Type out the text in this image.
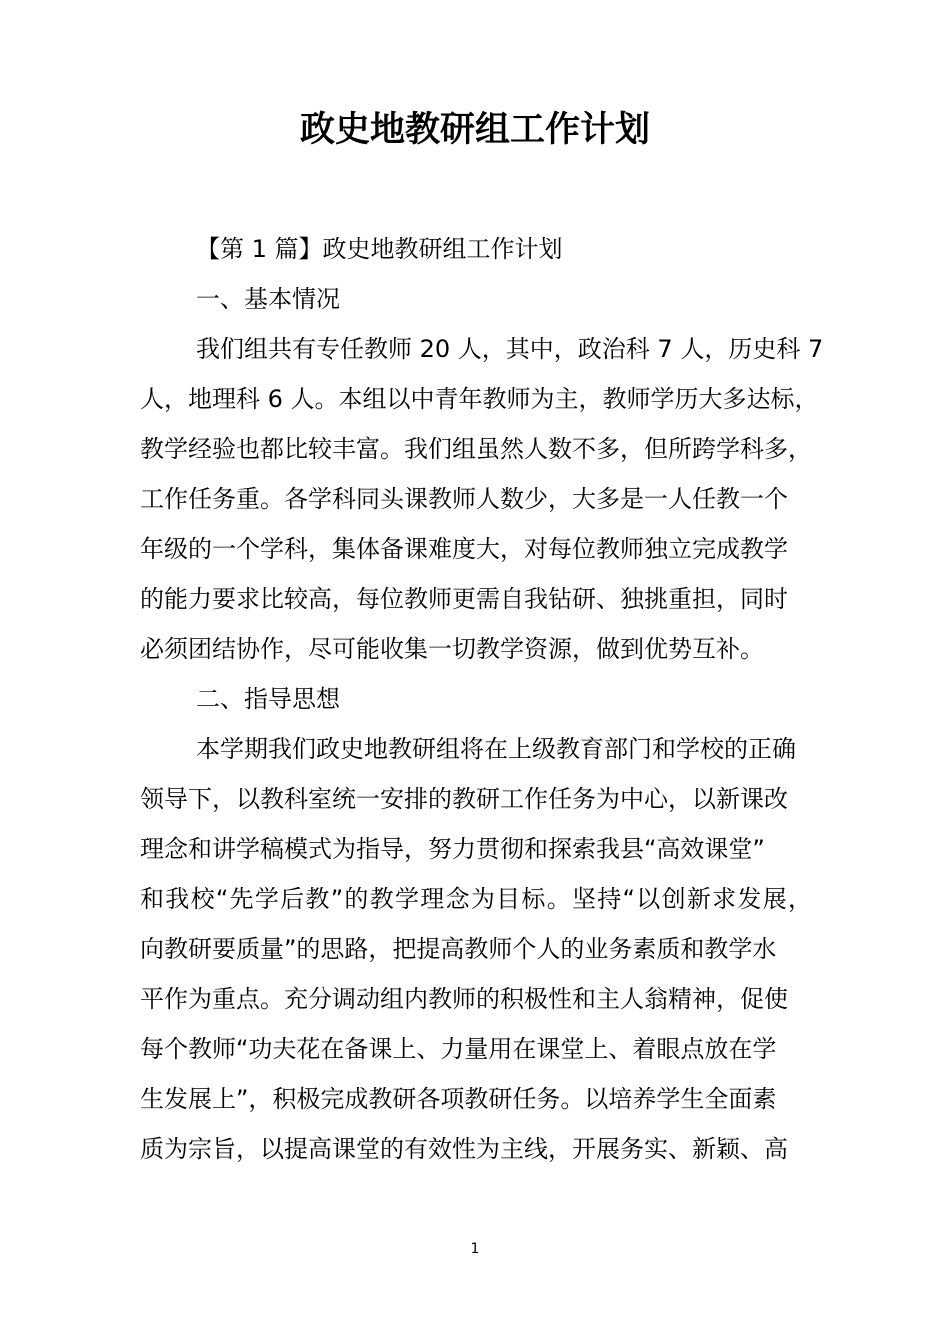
政史地教研组工作计划
【第 1 篇】政史地教研组工作计划
一、基本情况
我们组共有专任教师 20 人，其中，政治科 7 人，历史科 7
人，地理科 6 人。本组以中青年教师为主，教师学历大多达标，
教学经验也都比较丰富。我们组虽然人数不多，但所跨学科多，
工作任务重。各学科同头课教师人数少，大多是一人任教一个
年级的一个学科，集体备课难度大，对每位教师独立完成教学
的能力要求比较高，每位教师更需自我钻研、独挑重担，同时
必须团结协作，尽可能收集一切教学资源，做到优势互补。
二、指导思想
本学期我们政史地教研组将在上级教育部门和学校的正确
领导下，以教科室统一安排的教研工作任务为中心，以新课改
理念和讲学稿模式为指导，努力贯彻和探索我县“高效课堂”
和我校“先学后教”的教学理念为目标。坚持“以创新求发展，
向教研要质量”的思路，把提高教师个人的业务素质和教学水
平作为重点。充分调动组内教师的积极性和主人翁精神，促使
每个教师“功夫花在备课上、力量用在课堂上、着眼点放在学
生发展上”，积极完成教研各项教研任务。以培养学生全面素
质为宗旨，以提高课堂的有效性为主线，开展务实、新颖、高
1
